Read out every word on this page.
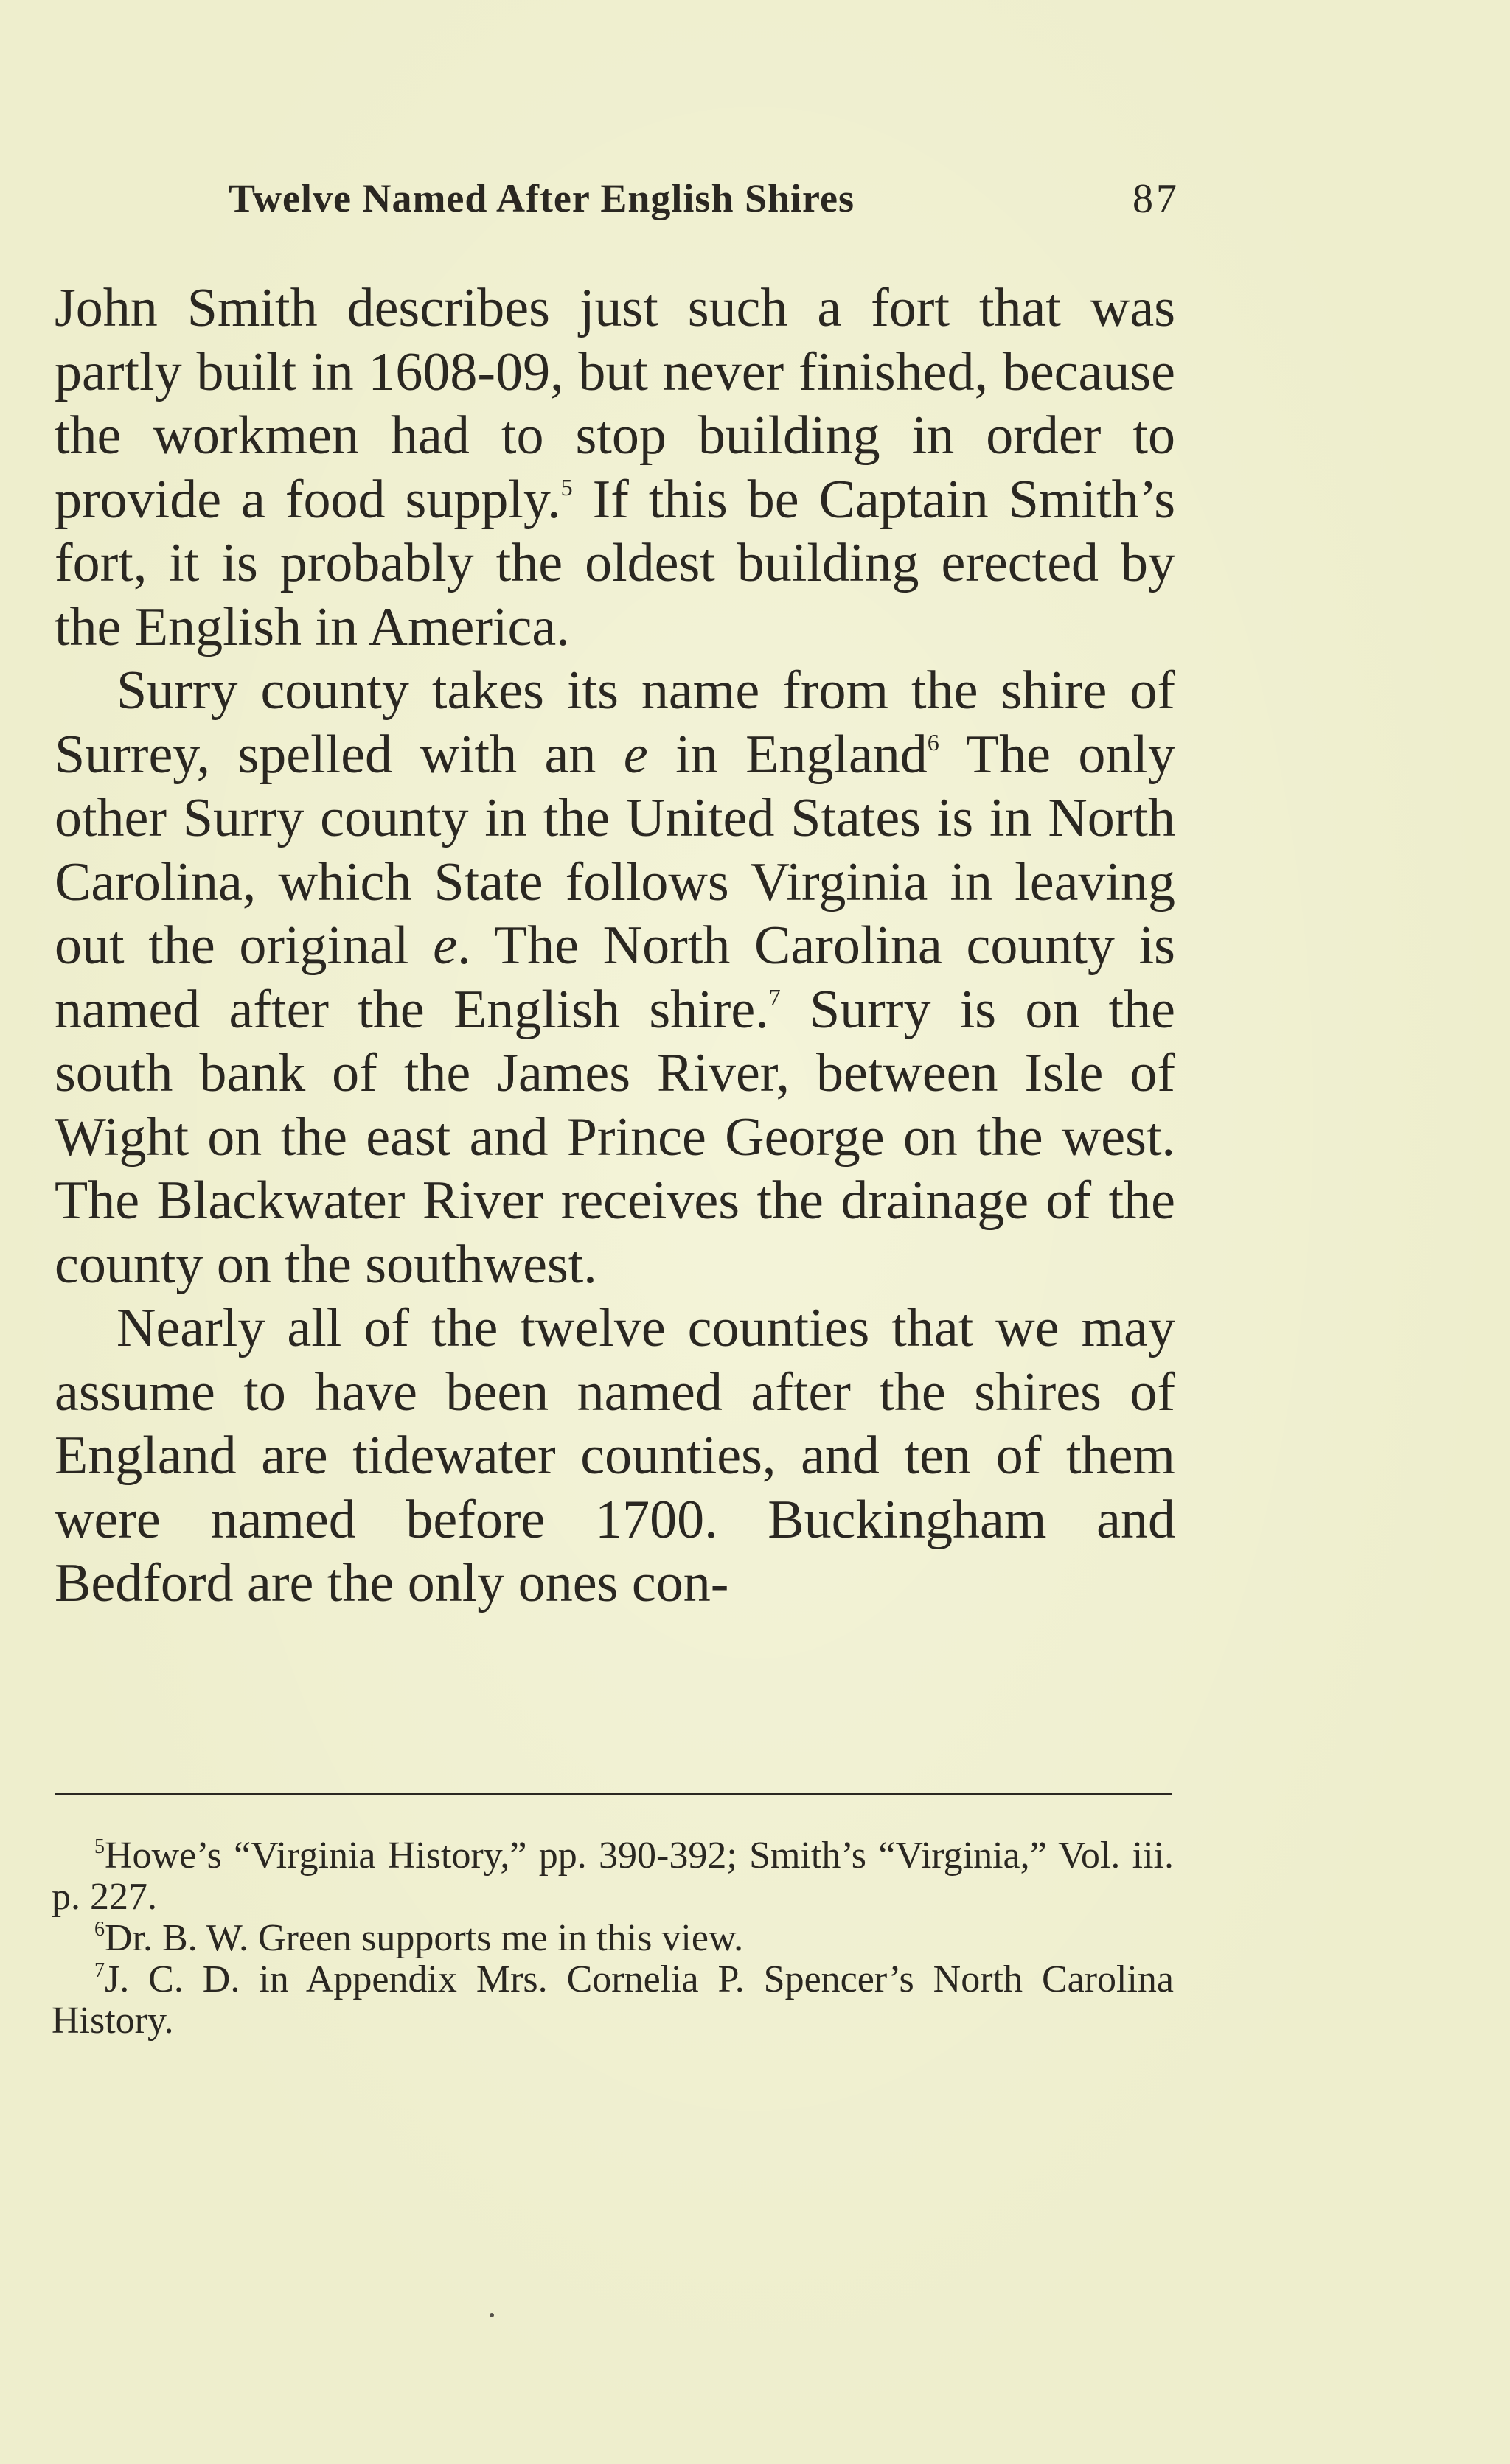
Twelve Named After English Shires	87

John Smith describes just such a fort that was partly built in 1608-09, but never finished, because the workmen had to stop building in order to provide a food supply.$^5$ If this be Captain Smith’s fort, it is probably the oldest building erected by the English in America.

Surry county takes its name from the shire of Surrey, spelled with an e in England$^6$ The only other Surry county in the United States is in North Carolina, which State follows Virginia in leaving out the original e. The North Carolina county is named after the English shire.$^7$ Surry is on the south bank of the James River, between Isle of Wight on the east and Prince George on the west. The Blackwater River receives the drainage of the county on the southwest.

Nearly all of the twelve counties that we may assume to have been named after the shires of England are tidewater counties, and ten of them were named before 1700. Buckingham and Bedford are the only ones con-

$^5$Howe’s “Virginia History,” pp. 390-392; Smith’s “Virginia,” Vol. iii. p. 227.

$^6$Dr. B. W. Green supports me in this view.

$^7$J. C. D. in Appendix Mrs. Cornelia P. Spencer’s North Carolina History.
